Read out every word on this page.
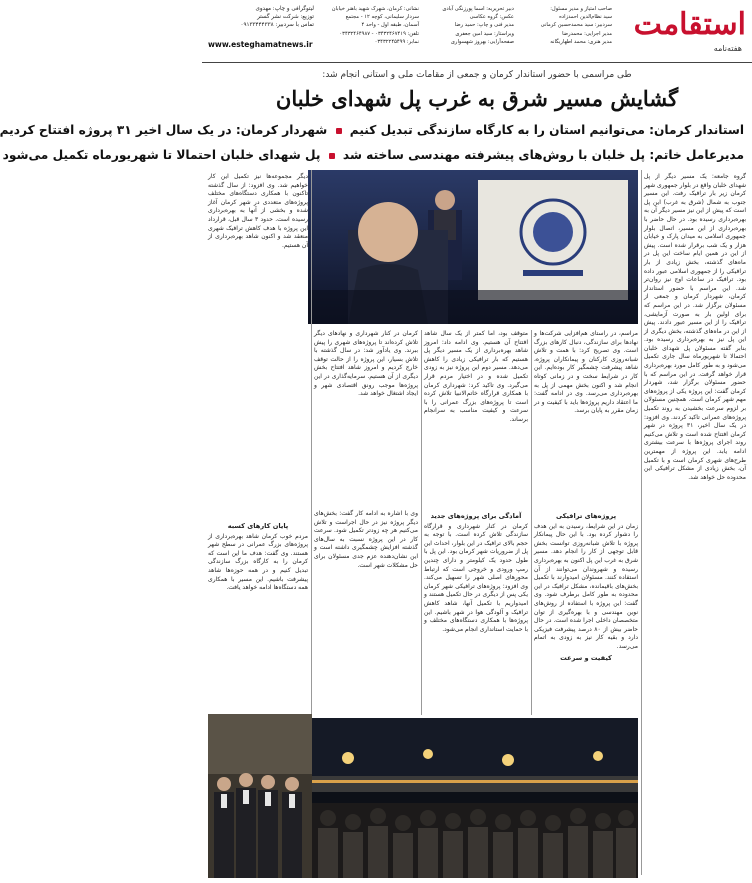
استقامت
هفته‌نامه
صاحب امتیاز و مدیر مسئول:
سید نظام‌الدین احمدزاده
سردبیر: سید محمدحسین کرمانی
مدیر اجرایی: محمدرضا
مدیر هنری: محمد اطهاریگانه
دبیر تحریریه: اسما پورزنگی آبادی
عکس: گروه عکاسی
مدیر فنی و چاپ: حمید رضا
ویراستار: سید امین جعفری
صفحه‌آرایی: بهروز شهسواری
نشانی: کرمان، شهرک شهید باهنر خیابان
سردار سلیمانی، کوچه ۱۲ - مجتمع
آسمان، طبقه اول - واحد ۴
تلفن: ۰۳۴۳۲۴۶۷۴۱۹ - ۰۳۴۳۲۴۶۴۹۸۷
نمابر: ۰۳۴۳۲۲۴۵۴۹۹
لیتوگرافی و چاپ: مهدوی
توزیع: شرکت نشر گستر
تماس با سردبیر: ۰۹۱۳۳۴۴۴۳۳۸
www.esteghamatnews.ir
طی مراسمی با حضور استاندار کرمان و جمعی از مقامات ملی و استانی انجام شد:
گشایش مسیر شرق به غرب پل شهدای خلبان
استاندار کرمان: می‌توانیم استان را به کارگاه سازندگی تبدیل کنیم  شهردار کرمان: در یک سال اخیر ۳۱ پروژه افتتاح کردیم
مدیرعامل خاتم: پل خلبان با روش‌های پیشرفته مهندسی ساخته شد  پل شهدای خلبان احتمالا تا شهریورماه تکمیل می‌شود

گروه جامعه: یک مسیر دیگر از پل شهدای خلبان واقع در بلوار جمهوری شهر کرمان زیر بار ترافیک رفت. این مسیر جنوب به شمال (شرق به غرب) این پل است که پیش از این نیز مسیر دیگر آن به بهره‌برداری رسیده بود. در حال حاضر با بهره‌برداری از این مسیر، اتصال بلوار جمهوری اسلامی به میدان پارک و خیابان هزار و یک شب برقرار شده است. پیش از این در همین ایام ساخت این پل در ماه‌های گذشته، بخش زیادی از بار ترافیکی را از جمهوری اسلامی عبور داده بود. ترافیک در ساعات اوج نیز روان‌تر شد. این مراسم با حضور استاندار کرمان، شهردار کرمان و جمعی از مسئولان برگزار شد. در این مراسم که برای اولین بار به صورت آزمایشی، ترافیک را از این مسیر عبور دادند. پیش از این در ماه‌های گذشته، بخش دیگری از این پل نیز به بهره‌برداری رسیده بود. بنابر گفته مسئولان پل شهدای خلبان احتمالا تا شهریورماه سال جاری تکمیل می‌شود و به طور کامل مورد بهره‌برداری قرار خواهد گرفت. در این مراسم که با حضور مسئولان برگزار شد، شهردار کرمان گفت: این پروژه یکی از پروژه‌های مهم شهر کرمان است. همچنین مسئولان بر لزوم سرعت بخشیدن به روند تکمیل پروژه‌های عمرانی تاکید کردند. وی افزود: در یک سال اخیر، ۳۱ پروژه در شهر کرمان افتتاح شده است و تلاش می‌کنیم روند اجرای پروژه‌ها با سرعت بیشتری ادامه یابد. این پروژه از مهمترین طرح‌های شهری کرمان است و با تکمیل آن، بخش زیادی از مشکل ترافیکی این محدوده حل خواهد شد.

مراسم، در راستای هم‌افزایی شرکت‌ها و نهادها برای سازندگی، دنبال کارهای بزرگ است. وی تصریح کرد: با همت و تلاش شبانه‌روزی کارکنان و پیمانکاران پروژه، شاهد پیشرفت چشمگیر کار بوده‌ایم. این کار در شرایط سخت و در زمانی کوتاه انجام شد و اکنون بخش مهمی از پل به بهره‌برداری می‌رسد. وی در ادامه گفت: ما اعتقاد داریم پروژه‌ها باید با کیفیت و در زمان مقرر به پایان برسد.

متوقف بود، اما کمتر از یک سال شاهد افتتاح آن هستیم. وی ادامه داد: امروز شاهد بهره‌برداری از یک مسیر دیگر پل هستیم که بار ترافیکی زیادی را کاهش می‌دهد. مسیر دوم این پروژه نیز به زودی تکمیل شده و در اختیار مردم قرار می‌گیرد. وی تاکید کرد: شهرداری کرمان با همکاری قرارگاه خاتم‌الانبیا تلاش کرده است تا پروژه‌های بزرگ عمرانی را با سرعت و کیفیت مناسب به سرانجام برساند.

کرمان در کنار شهرداری و نهادهای دیگر تلاش کرده‌اند تا پروژه‌های شهری را پیش ببرند. وی یادآور شد: در سال گذشته با تلاش بسیار، این پروژه را از حالت توقف خارج کردیم و امروز شاهد افتتاح بخش دیگری از آن هستیم. سرمایه‌گذاری در این پروژه‌ها موجب رونق اقتصادی شهر و ایجاد اشتغال خواهد شد.

دیگر مجموعه‌ها نیز تکمیل این کار خواهیم شد. وی افزود: از سال گذشته تاکنون با همکاری دستگاه‌های مختلف پروژه‌های متعددی در شهر کرمان آغاز شده و بخشی از آنها به بهره‌برداری رسیده است. حدود ۳ سال قبل، قرارداد این پروژه با هدف کاهش ترافیک شهری منعقد شد و اکنون شاهد بهره‌برداری از آن هستیم.

پروژه‌های ترافیکی

زمان در این شرایط، رسیدن به این هدف را دشوار کرده بود. با این حال پیمانکار پروژه با تلاش شبانه‌روزی توانست بخش قابل توجهی از کار را انجام دهد. مسیر شرق به غرب این پل اکنون به بهره‌برداری رسیده و شهروندان می‌توانند از آن استفاده کنند. مسئولان امیدوارند با تکمیل بخش‌های باقیمانده، مشکل ترافیک در این محدوده به طور کامل برطرف شود. وی گفت: این پروژه با استفاده از روش‌های نوین مهندسی و با بهره‌گیری از توان متخصصان داخلی اجرا شده است. در حال حاضر بیش از ۸۰ درصد پیشرفت فیزیکی دارد و بقیه کار نیز به زودی به اتمام می‌رسد.

کیفیت و سرعت
آمادگی برای پروژه‌های جدید

کرمان در کنار شهرداری و قرارگاه سازندگی تلاش کرده است. با توجه به حجم بالای ترافیک در این بلوار، احداث این پل از ضروریات شهر کرمان بود. این پل با طول حدود یک کیلومتر و دارای چندین رمپ ورودی و خروجی است که ارتباط محورهای اصلی شهر را تسهیل می‌کند. وی افزود: پروژه‌های ترافیکی شهر کرمان یکی پس از دیگری در حال تکمیل هستند و امیدواریم با تکمیل آنها، شاهد کاهش ترافیک و آلودگی هوا در شهر باشیم. این پروژه‌ها با همکاری دستگاه‌های مختلف و با حمایت استانداری انجام می‌شود.

وی با اشاره به ادامه کار گفت: بخش‌های دیگر پروژه نیز در حال اجراست و تلاش می‌کنیم هر چه زودتر تکمیل شود. سرعت کار در این پروژه نسبت به سال‌های گذشته افزایش چشمگیری داشته است و این نشان‌دهنده عزم جدی مسئولان برای حل مشکلات شهر است.

پایان کارهای کسبه

مردم خوب کرمان شاهد بهره‌برداری از پروژه‌های بزرگ عمرانی در سطح شهر هستند. وی گفت: هدف ما این است که کرمان را به کارگاه بزرگ سازندگی تبدیل کنیم و در همه حوزه‌ها شاهد پیشرفت باشیم. این مسیر با همکاری همه دستگاه‌ها ادامه خواهد یافت.
